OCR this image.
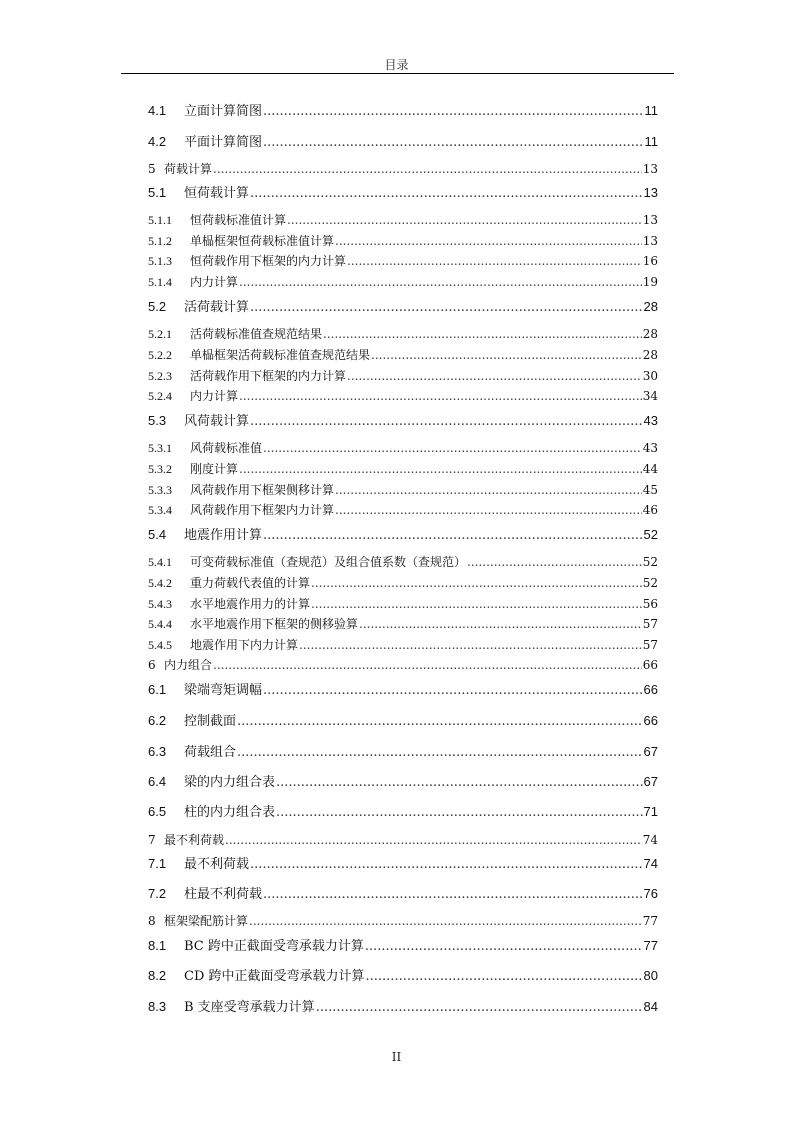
目录
4.1	立面计算简图 .....	11
4.2	平面计算简图 .....	11
5 荷载计算 .....	13
5.1	恒荷载计算 .....	13
5.1.1	恒荷载标准值计算 .....	13
5.1.2	单榀框架恒荷载标准值计算 .....	13
5.1.3	恒荷载作用下框架的内力计算 .....	16
5.1.4	内力计算 .....	19
5.2	活荷载计算 .....	28
5.2.1	活荷载标准值查规范结果 .....	28
5.2.2	单榀框架活荷载标准值查规范结果 .....	28
5.2.3	活荷载作用下框架的内力计算 .....	30
5.2.4	内力计算 .....	34
5.3	风荷载计算 .....	43
5.3.1	风荷载标准值 .....	43
5.3.2	刚度计算 .....	44
5.3.3	风荷载作用下框架侧移计算 .....	45
5.3.4	风荷载作用下框架内力计算 .....	46
5.4	地震作用计算 .....	52
5.4.1	可变荷载标准值（查规范）及组合值系数（查规范） .....	52
5.4.2	重力荷载代表值的计算 .....	52
5.4.3	水平地震作用力的计算 .....	56
5.4.4	水平地震作用下框架的侧移验算 .....	57
5.4.5	地震作用下内力计算 .....	57
6 内力组合 .....	66
6.1	梁端弯矩调幅 .....	66
6.2	控制截面 .....	66
6.3	荷载组合 .....	67
6.4	梁的内力组合表 .....	67
6.5	柱的内力组合表 .....	71
7 最不利荷载 .....	74
7.1	最不利荷载 .....	74
7.2	柱最不利荷载 .....	76
8 框架梁配筋计算 .....	77
8.1	BC 跨中正截面受弯承载力计算 .....	77
8.2	CD 跨中正截面受弯承载力计算 .....	80
8.3	B 支座受弯承载力计算 .....	84
II
